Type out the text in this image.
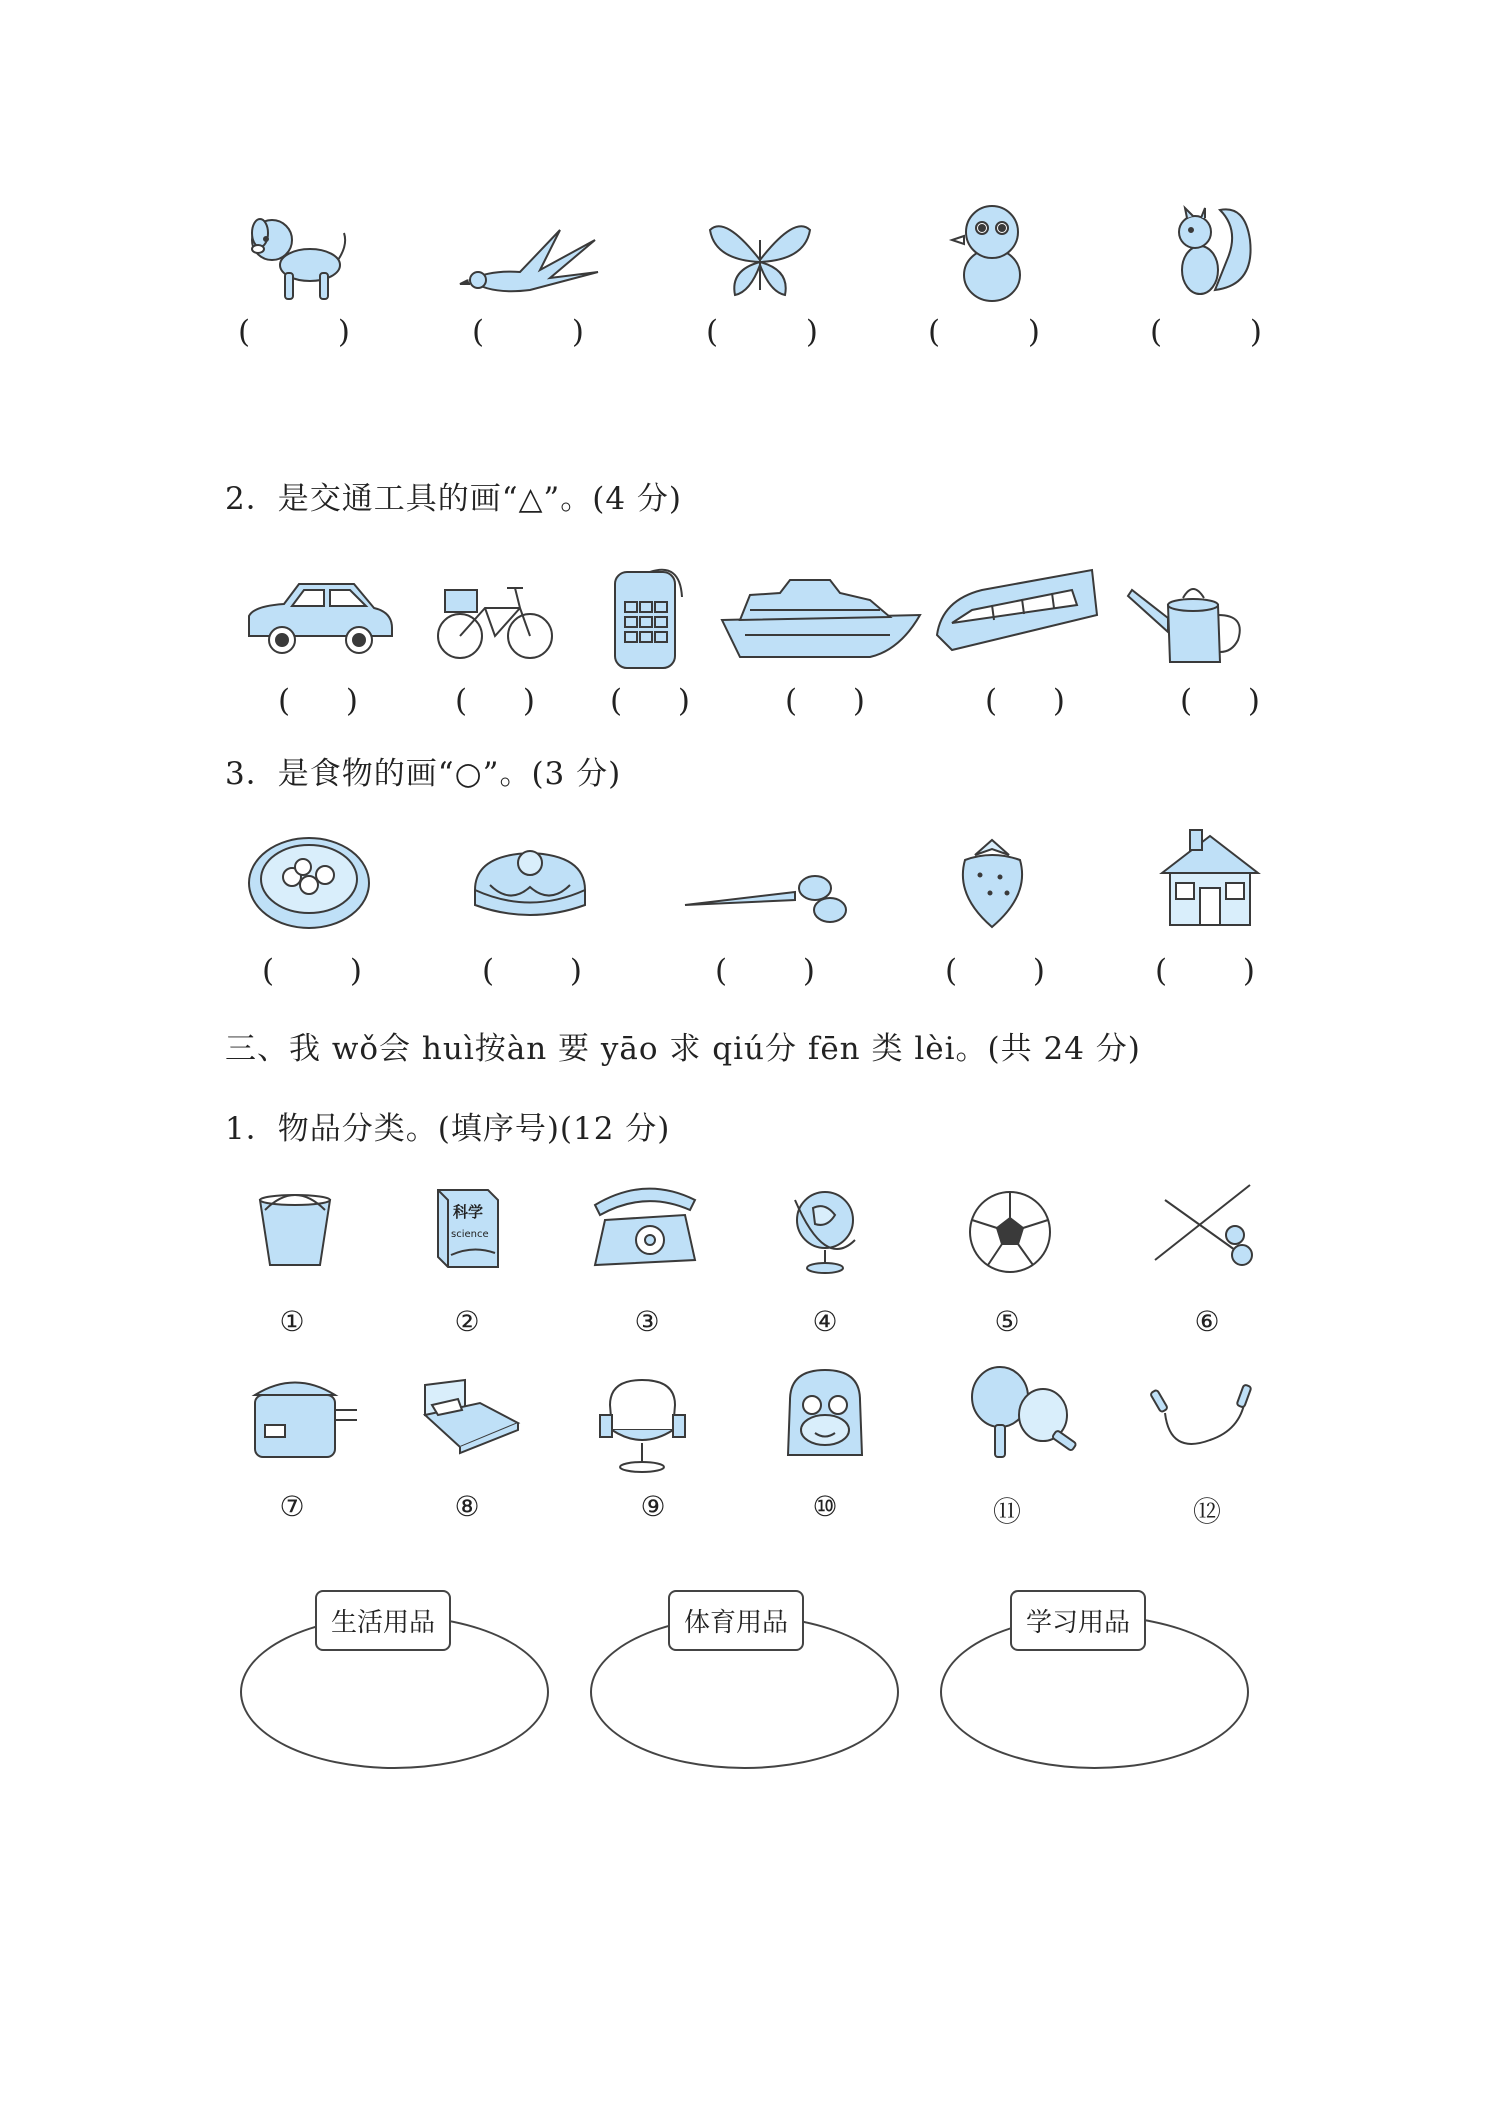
(	)	(	)	(	)	(	)	(	)
2．是交通工具的画“△”。(4 分)
( )	( ) ( )	( )	( )	( )
3．是食物的画“○”。(3 分)
( )	( )	( )	( )	( )
三、我 wǒ会 huì按àn 要 yāo 求 qiú分 fēn 类 lèi。(共 24 分)
1．物品分类。(填序号)(12 分)
科学
science
①	②	③	④	⑤	⑥
⑦	⑧	⑨	⑩	⑪	⑫
生活用品	体育用品	学习用品
